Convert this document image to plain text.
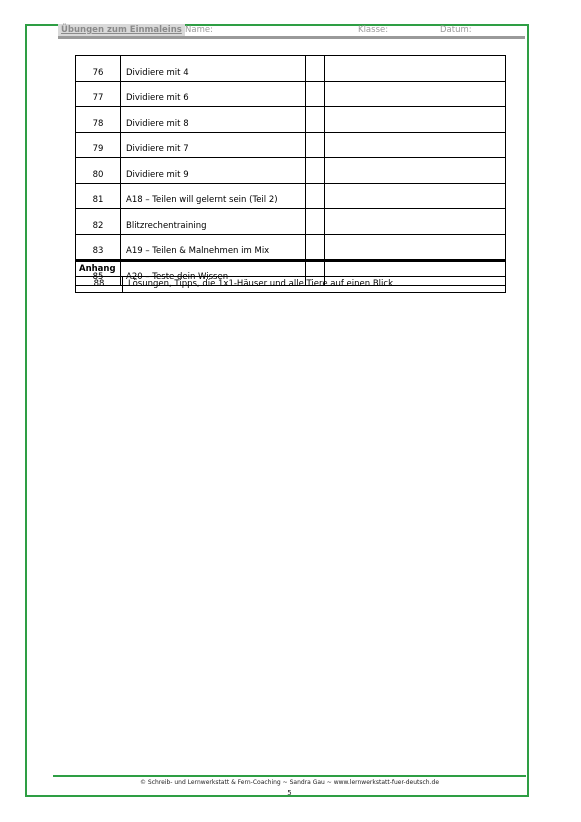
Übungen zum Einmaleins Name:	Klasse:	Datum:
76	Dividiere mit 4		
77	Dividiere mit 6		
78	Dividiere mit 8		
79	Dividiere mit 7		
80	Dividiere mit 9		
81	A18 – Teilen will gelernt sein (Teil 2)		
82	Blitzrechentraining		
83	A19 – Teilen & Malnehmen im Mix		
85	A20 – Teste dein Wissen		
Anhang
88	Lösungen, Tipps, die 1x1-Häuser und alle Tiere auf einen Blick
© Schreib- und Lernwerkstatt & Fern-Coaching ~ Sandra Gau ~ www.lernwerkstatt-fuer-deutsch.de
5
